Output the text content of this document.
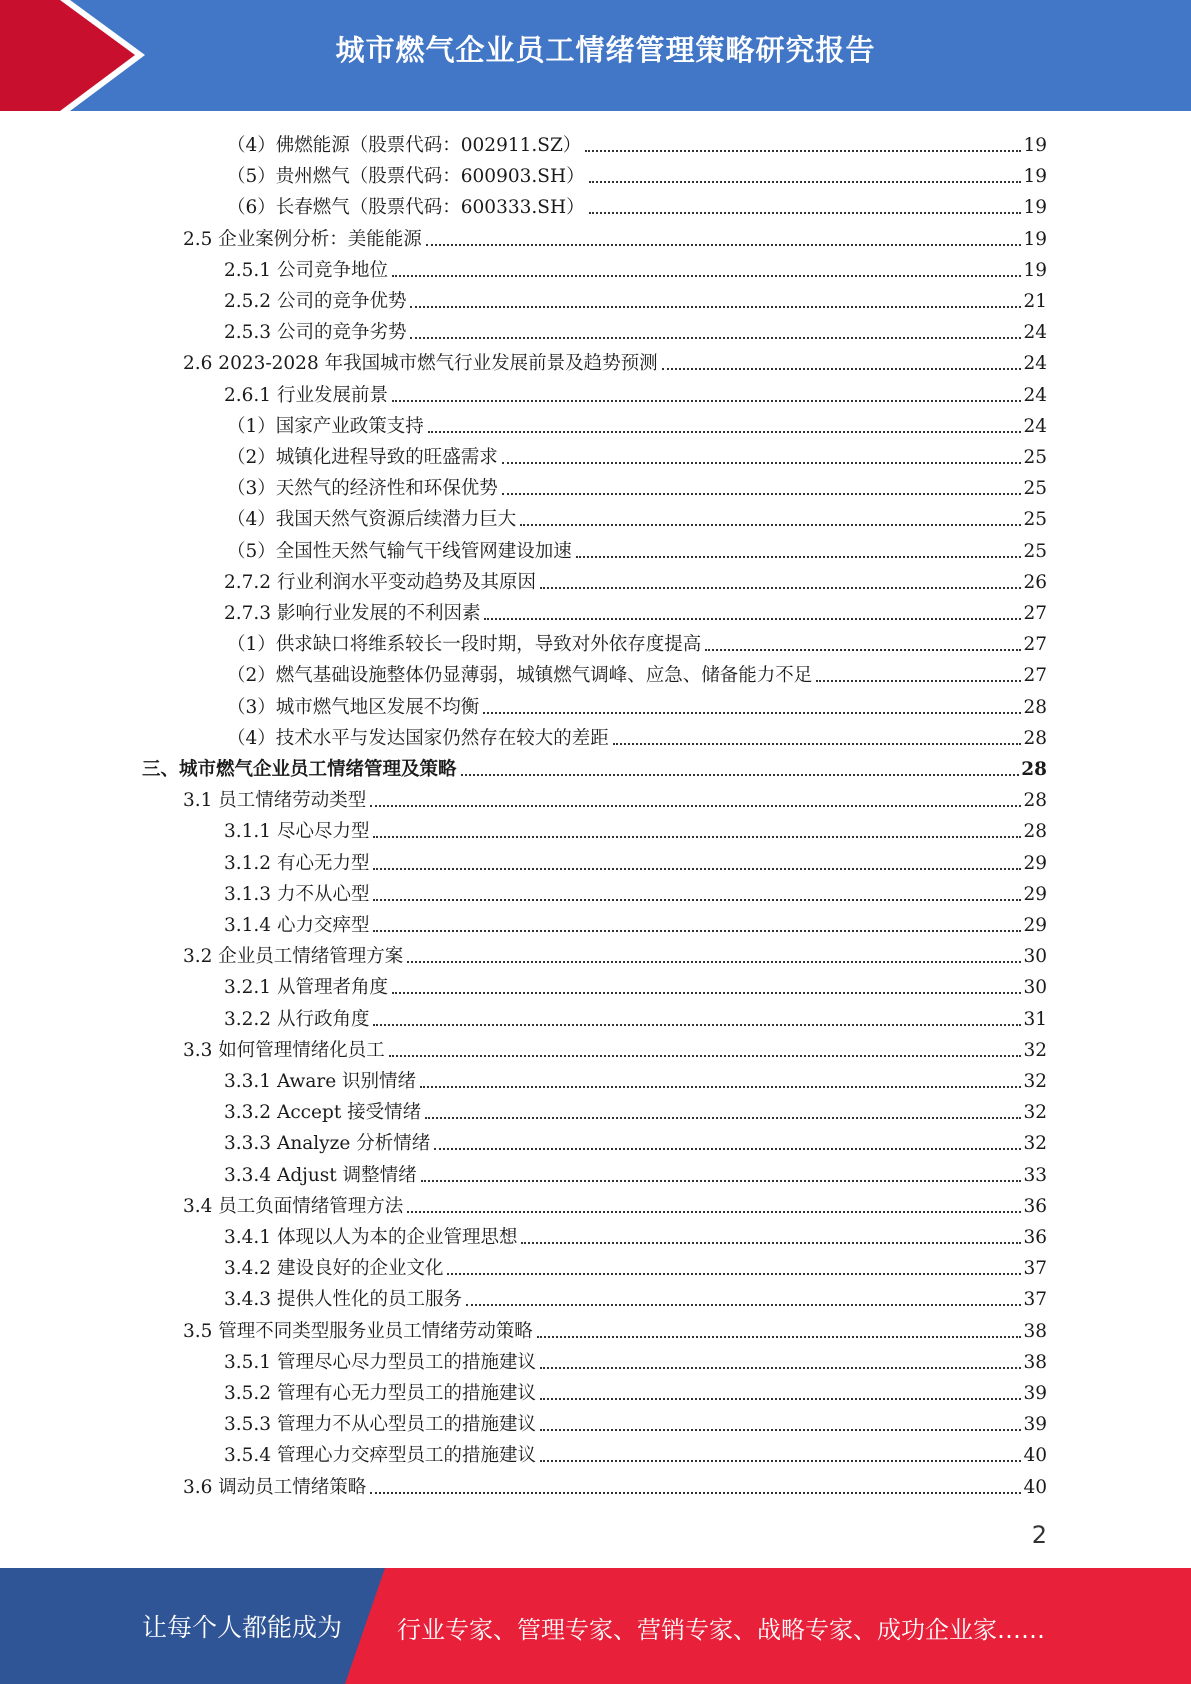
城市燃气企业员工情绪管理策略研究报告
（4）佛燃能源（股票代码：002911.SZ）	19
（5）贵州燃气（股票代码：600903.SH）	19
（6）长春燃气（股票代码：600333.SH）	19
2.5 企业案例分析：美能能源	19
2.5.1 公司竞争地位	19
2.5.2 公司的竞争优势	21
2.5.3 公司的竞争劣势	24
2.6 2023-2028 年我国城市燃气行业发展前景及趋势预测	24
2.6.1 行业发展前景	24
（1）国家产业政策支持	24
（2）城镇化进程导致的旺盛需求	25
（3）天然气的经济性和环保优势	25
（4）我国天然气资源后续潜力巨大	25
（5）全国性天然气输气干线管网建设加速	25
2.7.2 行业利润水平变动趋势及其原因	26
2.7.3 影响行业发展的不利因素	27
（1）供求缺口将维系较长一段时期，导致对外依存度提高	27
（2）燃气基础设施整体仍显薄弱，城镇燃气调峰、应急、储备能力不足	27
（3）城市燃气地区发展不均衡	28
（4）技术水平与发达国家仍然存在较大的差距	28
三、城市燃气企业员工情绪管理及策略	28
3.1 员工情绪劳动类型	28
3.1.1 尽心尽力型	28
3.1.2 有心无力型	29
3.1.3 力不从心型	29
3.1.4 心力交瘁型	29
3.2 企业员工情绪管理方案	30
3.2.1 从管理者角度	30
3.2.2 从行政角度	31
3.3 如何管理情绪化员工	32
3.3.1 Aware 识别情绪	32
3.3.2 Accept 接受情绪	32
3.3.3 Analyze 分析情绪	32
3.3.4 Adjust 调整情绪	33
3.4 员工负面情绪管理方法	36
3.4.1 体现以人为本的企业管理思想	36
3.4.2 建设良好的企业文化	37
3.4.3 提供人性化的员工服务	37
3.5 管理不同类型服务业员工情绪劳动策略	38
3.5.1 管理尽心尽力型员工的措施建议	38
3.5.2 管理有心无力型员工的措施建议	39
3.5.3 管理力不从心型员工的措施建议	39
3.5.4 管理心力交瘁型员工的措施建议	40
3.6 调动员工情绪策略	40
2
让每个人都能成为 行业专家、管理专家、营销专家、战略专家、成功企业家……
